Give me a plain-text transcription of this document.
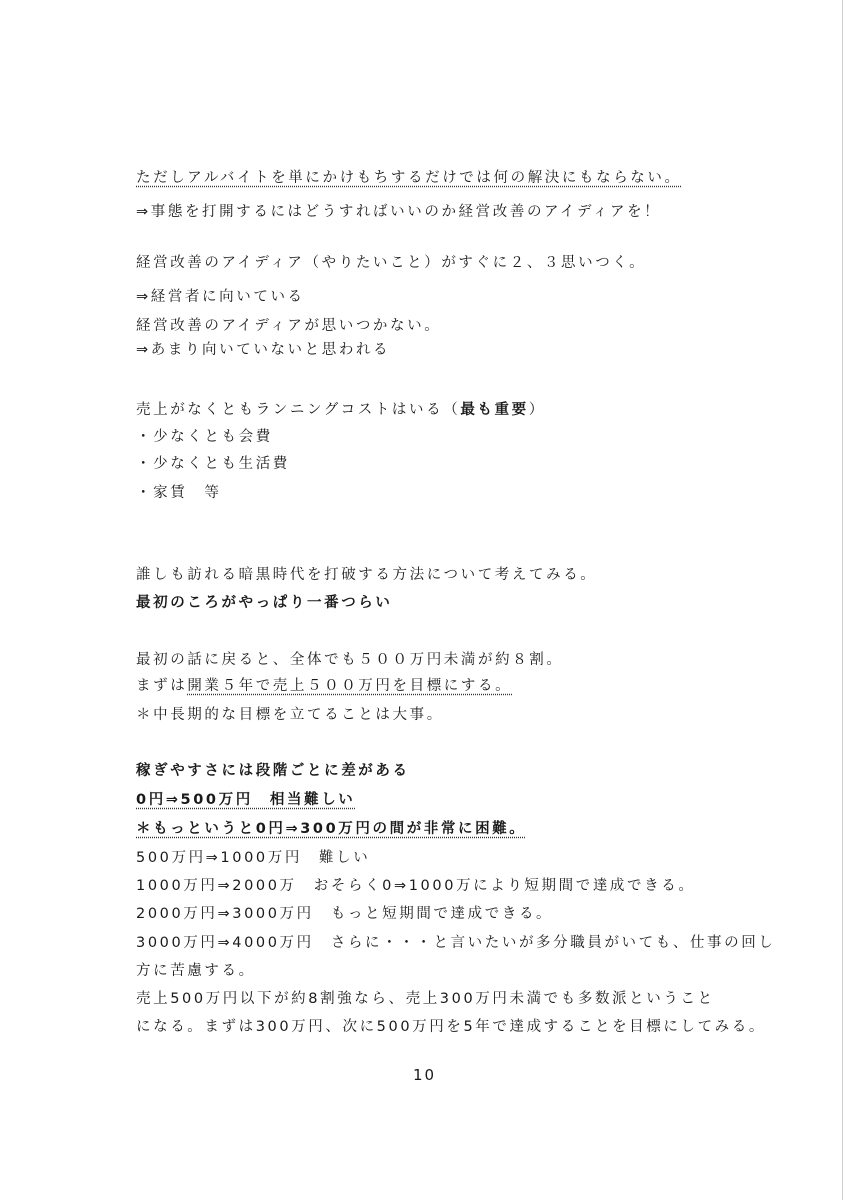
ただしアルバイトを単にかけもちするだけでは何の解決にもならない。
⇒事態を打開するにはどうすればいいのか経営改善のアイディアを！
経営改善のアイディア（やりたいこと）がすぐに２、３思いつく。
⇒経営者に向いている
経営改善のアイディアが思いつかない。
⇒あまり向いていないと思われる
売上がなくともランニングコストはいる（最も重要）
・少なくとも会費
・少なくとも生活費
・家賃　等
誰しも訪れる暗黒時代を打破する方法について考えてみる。
最初のころがやっぱり一番つらい
最初の話に戻ると、全体でも５００万円未満が約８割。
まずは開業５年で売上５００万円を目標にする。
＊中長期的な目標を立てることは大事。
稼ぎやすさには段階ごとに差がある
0円⇒500万円　相当難しい
＊もっというと0円⇒300万円の間が非常に困難。
500万円⇒1000万円　難しい
1000万円⇒2000万　おそらく0⇒1000万により短期間で達成できる。
2000万円⇒3000万円　もっと短期間で達成できる。
3000万円⇒4000万円　さらに・・・と言いたいが多分職員がいても、仕事の回し
方に苦慮する。
売上500万円以下が約8割強なら、売上300万円未満でも多数派ということ
になる。まずは300万円、次に500万円を5年で達成することを目標にしてみる。
10
